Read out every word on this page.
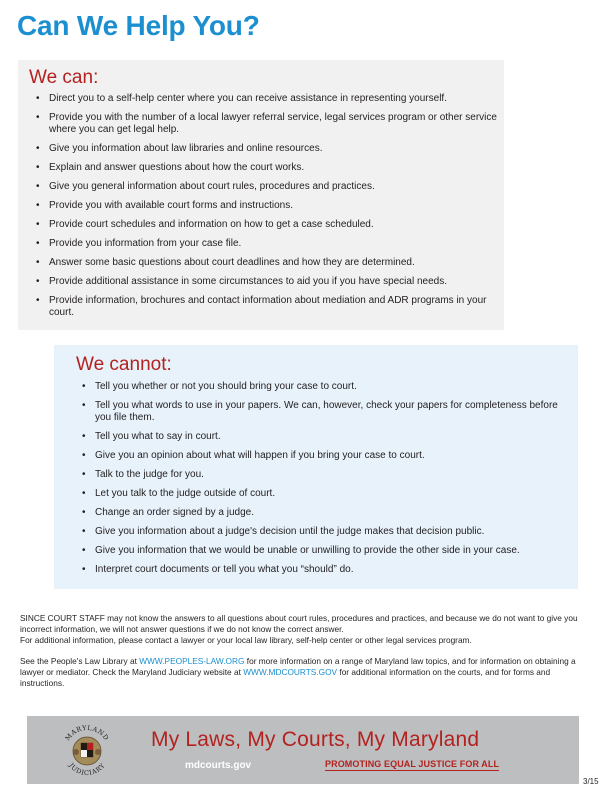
Can We Help You?
We can:
• Direct you to a self-help center where you can receive assistance in representing yourself.
• Provide you with the number of a local lawyer referral service, legal services program or other service where you can get legal help.
• Give you information about law libraries and online resources.
• Explain and answer questions about how the court works.
• Give you general information about court rules, procedures and practices.
• Provide you with available court forms and instructions.
• Provide court schedules and information on how to get a case scheduled.
• Provide you information from your case file.
• Answer some basic questions about court deadlines and how they are determined.
• Provide additional assistance in some circumstances to aid you if you have special needs.
• Provide information, brochures and contact information about mediation and ADR programs in your court.
We cannot:
• Tell you whether or not you should bring your case to court.
• Tell you what words to use in your papers. We can, however, check your papers for completeness before you file them.
• Tell you what to say in court.
• Give you an opinion about what will happen if you bring your case to court.
• Talk to the judge for you.
• Let you talk to the judge outside of court.
• Change an order signed by a judge.
• Give you information about a judge's decision until the judge makes that decision public.
• Give you information that we would be unable or unwilling to provide the other side in your case.
• Interpret court documents or tell you what you “should” do.

SINCE COURT STAFF may not know the answers to all questions about court rules, procedures and practices, and because we do not want to give you incorrect information, we will not answer questions if we do not know the correct answer.
For additional information, please contact a lawyer or your local law library, self-help center or other legal services program.

See the People's Law Library at WWW.PEOPLES-LAW.ORG for more information on a range of Maryland law topics, and for information on obtaining a lawyer or mediator. Check the Maryland Judiciary website at WWW.MDCOURTS.GOV for additional information on the courts, and for forms and instructions.

MARYLAND
JUDICIARY
My Laws, My Courts, My Maryland
mdcourts.gov	PROMOTING EQUAL JUSTICE FOR ALL
3/15
